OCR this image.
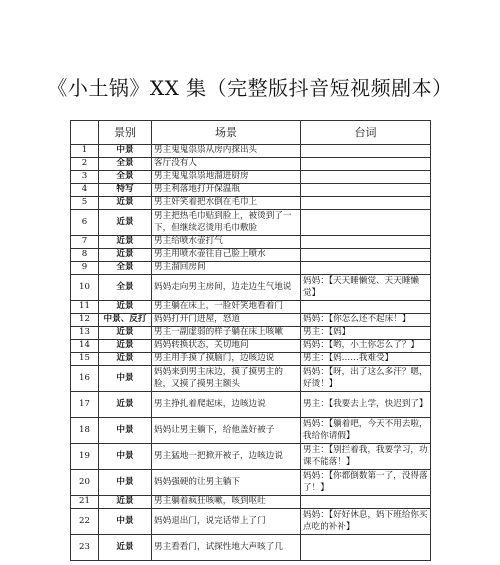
《小土锅》XX 集（完整版抖音短视频剧本）
	景别	场景	台词
1	中景	男主鬼鬼祟祟从房内探出头	
2	全景	客厅没有人	
3	全景	男主鬼鬼祟祟地溜进厨房	
4	特写	男主利落地打开保温瓶	
5	近景	男主奸笑着把水倒在毛巾上	
6	近景	男主把热毛巾贴到脸上，被烫到了一下，但继续忍烫用毛巾敷脸	
7	近景	男主给喷水壶打气	
8	近景	男主用喷水壶往自己脸上喷水	
9	全景	男主溜回房间	
10	全景	妈妈走向男主房间，边走边生气地说	妈妈：【天天睡懒觉、天天睡懒觉】
11	近景	男主躺在床上，一脸奸笑地看着门	
12	中景、反打	妈妈打开门进屋，怒道	妈妈：【你怎么还不起床！】
13	近景	男主一副虚弱的样子躺在床上咳嗽	男主：【妈】
14	近景	妈妈转换状态，关切地问	妈妈：【哟，小土你怎么了？】
15	近景	男主用手摸了摸脑门，边咳边说	男主：【妈……我难受】
16	中景	妈妈来到男主床边，摸了摸男主的脸，又摸了摸男主额头	妈妈：【呀，出了这么多汗？嗯，好烫！】
17	近景	男主挣扎着爬起床，边咳边说	男主：【我要去上学，快迟到了】
18	中景	妈妈让男主躺下，给他盖好被子	妈妈：【躺着吧，今天不用去啦，我给你请假】
19	中景	男主猛地一把掀开被子，边咳边说	男主：【别拦着我，我要学习，功课不能落！】
20	中景	妈妈强硬的让男主躺下	妈妈：【你都倒数第一了，没得落了！】
21	近景	男主躺着疯狂咳嗽，咳到呕吐	
22	中景	妈妈退出门，说完话带上了门	妈妈：【好好休息，妈下班给你买点吃的补补】
23	近景	男主看看门，试探性地大声咳了几	
